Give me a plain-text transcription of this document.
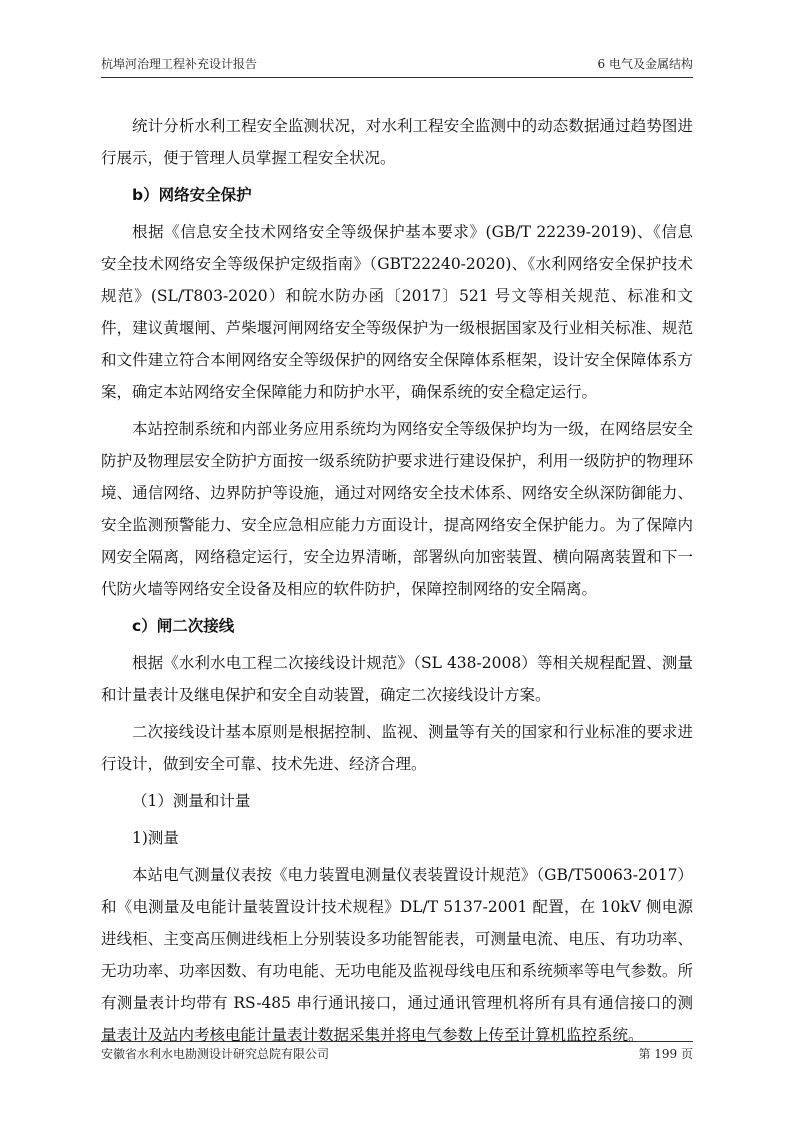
杭埠河治理工程补充设计报告	6 电气及金属结构

统计分析水利工程安全监测状况，对水利工程安全监测中的动态数据通过趋势图进行展示，便于管理人员掌握工程安全状况。

b）网络安全保护

根据《信息安全技术网络安全等级保护基本要求》(GB/T 22239-2019)、《信息安全技术网络安全等级保护定级指南》（GBT22240-2020)、《水利网络安全保护技术规范》(SL/T803-2020）和皖水防办函〔2017〕521 号文等相关规范、标准和文件，建议黄堰闸、芦柴堰河闸网络安全等级保护为一级根据国家及行业相关标准、规范和文件建立符合本闸网络安全等级保护的网络安全保障体系框架，设计安全保障体系方案，确定本站网络安全保障能力和防护水平，确保系统的安全稳定运行。

本站控制系统和内部业务应用系统均为网络安全等级保护均为一级，在网络层安全防护及物理层安全防护方面按一级系统防护要求进行建设保护，利用一级防护的物理环境、通信网络、边界防护等设施，通过对网络安全技术体系、网络安全纵深防御能力、安全监测预警能力、安全应急相应能力方面设计，提高网络安全保护能力。为了保障内网安全隔离，网络稳定运行，安全边界清晰，部署纵向加密装置、横向隔离装置和下一代防火墙等网络安全设备及相应的软件防护，保障控制网络的安全隔离。

c）闸二次接线

根据《水利水电工程二次接线设计规范》（SL 438-2008）等相关规程配置、测量和计量表计及继电保护和安全自动装置，确定二次接线设计方案。

二次接线设计基本原则是根据控制、监视、测量等有关的国家和行业标准的要求进行设计，做到安全可靠、技术先进、经济合理。

（1）测量和计量

1)测量

本站电气测量仪表按《电力装置电测量仪表装置设计规范》（GB/T50063-2017）和《电测量及电能计量装置设计技术规程》DL/T 5137-2001 配置，在 10kV 侧电源进线柜、主变高压侧进线柜上分别装设多功能智能表，可测量电流、电压、有功功率、无功功率、功率因数、有功电能、无功电能及监视母线电压和系统频率等电气参数。所有测量表计均带有 RS-485 串行通讯接口，通过通讯管理机将所有具有通信接口的测量表计及站内考核电能计量表计数据采集并将电气参数上传至计算机监控系统。

安徽省水利水电勘测设计研究总院有限公司	第 199 页
